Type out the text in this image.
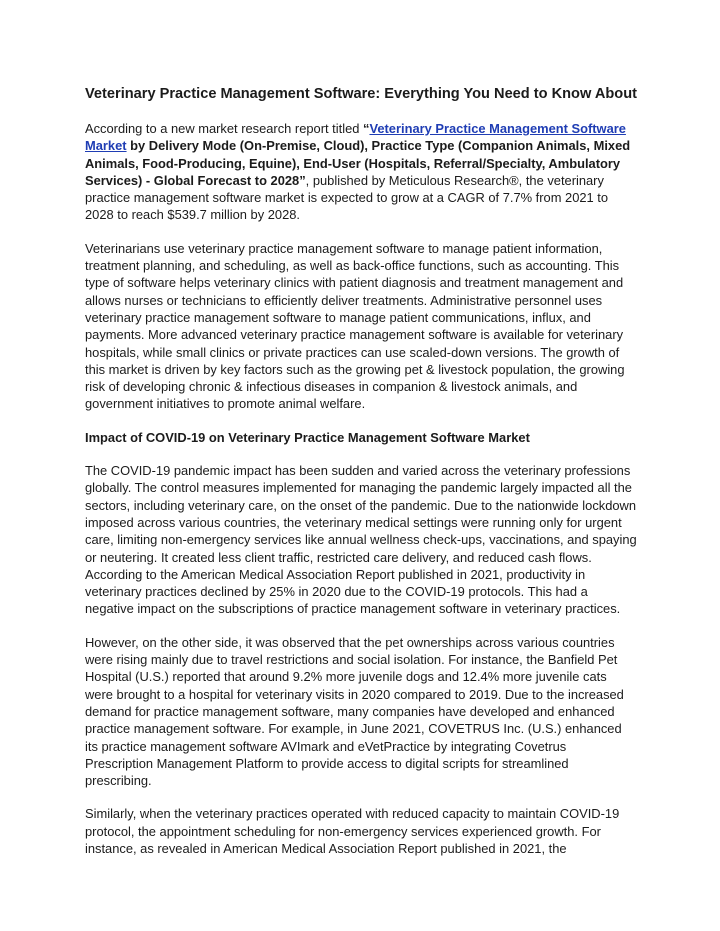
Veterinary Practice Management Software: Everything You Need to Know About

According to a new market research report titled “Veterinary Practice Management Software Market by Delivery Mode (On-Premise, Cloud), Practice Type (Companion Animals, Mixed Animals, Food-Producing, Equine), End-User (Hospitals, Referral/Specialty, Ambulatory Services) - Global Forecast to 2028”, published by Meticulous Research®, the veterinary practice management software market is expected to grow at a CAGR of 7.7% from 2021 to 2028 to reach $539.7 million by 2028.

Veterinarians use veterinary practice management software to manage patient information, treatment planning, and scheduling, as well as back-office functions, such as accounting. This type of software helps veterinary clinics with patient diagnosis and treatment management and allows nurses or technicians to efficiently deliver treatments. Administrative personnel uses veterinary practice management software to manage patient communications, influx, and payments. More advanced veterinary practice management software is available for veterinary hospitals, while small clinics or private practices can use scaled-down versions. The growth of this market is driven by key factors such as the growing pet & livestock population, the growing risk of developing chronic & infectious diseases in companion & livestock animals, and government initiatives to promote animal welfare.

Impact of COVID-19 on Veterinary Practice Management Software Market

The COVID-19 pandemic impact has been sudden and varied across the veterinary professions globally. The control measures implemented for managing the pandemic largely impacted all the sectors, including veterinary care, on the onset of the pandemic. Due to the nationwide lockdown imposed across various countries, the veterinary medical settings were running only for urgent care, limiting non-emergency services like annual wellness check-ups, vaccinations, and spaying or neutering. It created less client traffic, restricted care delivery, and reduced cash flows. According to the American Medical Association Report published in 2021, productivity in veterinary practices declined by 25% in 2020 due to the COVID-19 protocols. This had a negative impact on the subscriptions of practice management software in veterinary practices.

However, on the other side, it was observed that the pet ownerships across various countries were rising mainly due to travel restrictions and social isolation. For instance, the Banfield Pet Hospital (U.S.) reported that around 9.2% more juvenile dogs and 12.4% more juvenile cats were brought to a hospital for veterinary visits in 2020 compared to 2019. Due to the increased demand for practice management software, many companies have developed and enhanced practice management software. For example, in June 2021, COVETRUS Inc. (U.S.) enhanced its practice management software AVImark and eVetPractice by integrating Covetrus Prescription Management Platform to provide access to digital scripts for streamlined prescribing.

Similarly, when the veterinary practices operated with reduced capacity to maintain COVID-19 protocol, the appointment scheduling for non-emergency services experienced growth. For instance, as revealed in American Medical Association Report published in 2021, the
